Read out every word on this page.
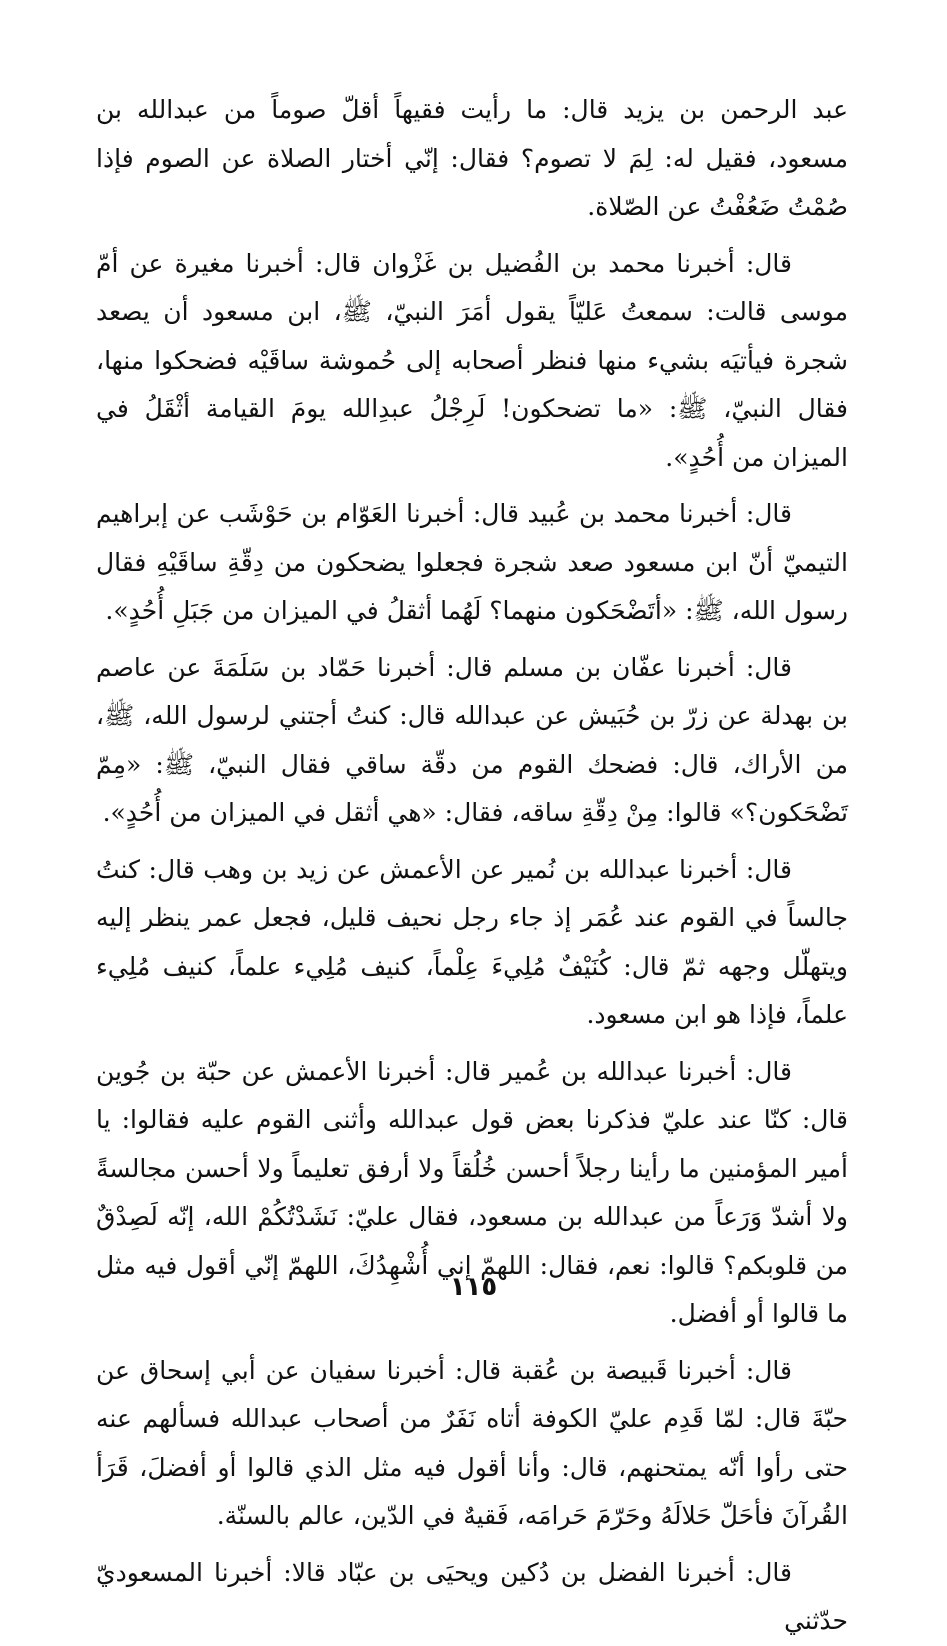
عبد الرحمن بن يزيد قال: ما رأيت فقيهاً أقلّ صوماً من عبدالله بن مسعود، فقيل له: لِمَ لا تصوم؟ فقال: إنّي أختار الصلاة عن الصوم فإذا صُمْتُ ضَعُفْتُ عن الصّلاة.

قال: أخبرنا محمد بن الفُضيل بن غَزْوان قال: أخبرنا مغيرة عن أمّ موسى قالت: سمعتُ عَليّاً يقول أمَرَ النبيّ، ﷺ، ابن مسعود أن يصعد شجرة فيأتيَه بشيء منها فنظر أصحابه إلى حُموشة ساقَيْه فضحكوا منها، فقال النبيّ، ﷺ: «ما تضحكون! لَرِجْلُ عبدِالله يومَ القيامة أثْقَلُ في الميزان من أُحُدٍ».

قال: أخبرنا محمد بن عُبيد قال: أخبرنا العَوّام بن حَوْشَب عن إبراهيم التيميّ أنّ ابن مسعود صعد شجرة فجعلوا يضحكون من دِقّةِ ساقَيْهِ فقال رسول الله، ﷺ: «أتَضْحَكون منهما؟ لَهُما أثقلُ في الميزان من جَبَلِ أُحُدٍ».

قال: أخبرنا عفّان بن مسلم قال: أخبرنا حَمّاد بن سَلَمَةَ عن عاصم بن بهدلة عن زرّ بن حُبَيش عن عبدالله قال: كنتُ أجتني لرسول الله، ﷺ، من الأراك، قال: فضحك القوم من دقّة ساقي فقال النبيّ، ﷺ: «مِمّ تَضْحَكون؟» قالوا: مِنْ دِقّةِ ساقه، فقال: «هي أثقل في الميزان من أُحُدٍ».

قال: أخبرنا عبدالله بن نُمير عن الأعمش عن زيد بن وهب قال: كنتُ جالساً في القوم عند عُمَر إذ جاء رجل نحيف قليل، فجعل عمر ينظر إليه ويتهلّل وجهه ثمّ قال: كُنَيْفٌ مُلِيءَ عِلْماً، كنيف مُلِيء علماً، كنيف مُلِيء علماً، فإذا هو ابن مسعود.

قال: أخبرنا عبدالله بن عُمير قال: أخبرنا الأعمش عن حبّة بن جُوين قال: كنّا عند عليّ فذكرنا بعض قول عبدالله وأثنى القوم عليه فقالوا: يا أمير المؤمنين ما رأينا رجلاً أحسن خُلُقاً ولا أرفق تعليماً ولا أحسن مجالسةً ولا أشدّ وَرَعاً من عبدالله بن مسعود، فقال عليّ: نَشَدْتُكُمْ الله، إنّه لَصِدْقٌ من قلوبكم؟ قالوا: نعم، فقال: اللهمّ إني أُشْهِدُكَ، اللهمّ إنّي أقول فيه مثل ما قالوا أو أفضل.

قال: أخبرنا قَبيصة بن عُقبة قال: أخبرنا سفيان عن أبي إسحاق عن حبّةَ قال: لمّا قَدِم عليّ الكوفة أتاه نَفَرٌ من أصحاب عبدالله فسألهم عنه حتى رأوا أنّه يمتحنهم، قال: وأنا أقول فيه مثل الذي قالوا أو أفضلَ، قَرَأ القُرآنَ فأحَلّ حَلالَهُ وحَرّمَ حَرامَه، فَقيهٌ في الدّين، عالم بالسنّة.

قال: أخبرنا الفضل بن دُكين ويحيَى بن عبّاد قالا: أخبرنا المسعوديّ حدّثني

١١٥
